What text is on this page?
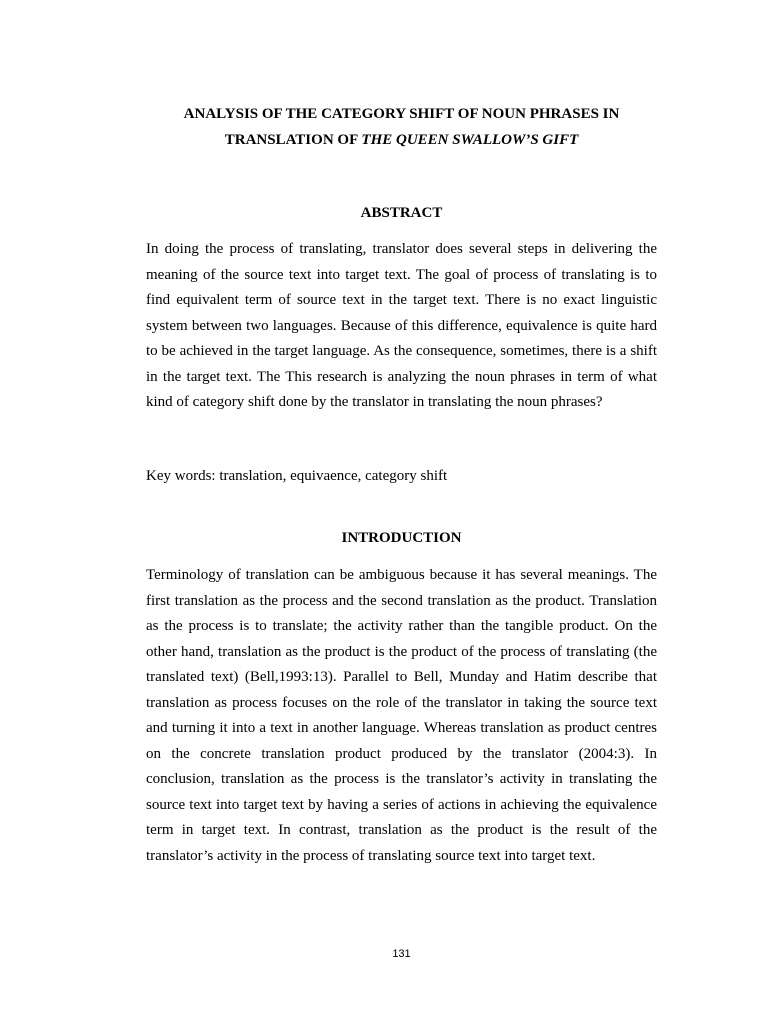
ANALYSIS OF THE CATEGORY SHIFT OF NOUN PHRASES IN
TRANSLATION OF THE QUEEN SWALLOW’S GIFT
ABSTRACT

In doing the process of translating, translator does several steps in delivering the meaning of the source text into target text. The goal of process of translating is to find equivalent term of source text in the target text. There is no exact linguistic system between two languages. Because of this difference, equivalence is quite hard to be achieved in the target language. As the consequence, sometimes, there is a shift in the target text. The This research is analyzing the noun phrases in term of what kind of category shift done by the translator in translating the noun phrases?

Key words: translation, equivaence, category shift

INTRODUCTION

Terminology of translation can be ambiguous because it has several meanings. The first translation as the process and the second translation as the product. Translation as the process is to translate; the activity rather than the tangible product. On the other hand, translation as the product is the product of the process of translating (the translated text) (Bell,1993:13). Parallel to Bell, Munday and Hatim describe that translation as process focuses on the role of the translator in taking the source text and turning it into a text in another language. Whereas translation as product centres on the concrete translation product produced by the translator (2004:3). In conclusion, translation as the process is the translator’s activity in translating the source text into target text by having a series of actions in achieving the equivalence term in target text. In contrast, translation as the product is the result of the translator’s activity in the process of translating source text into target text.

131
